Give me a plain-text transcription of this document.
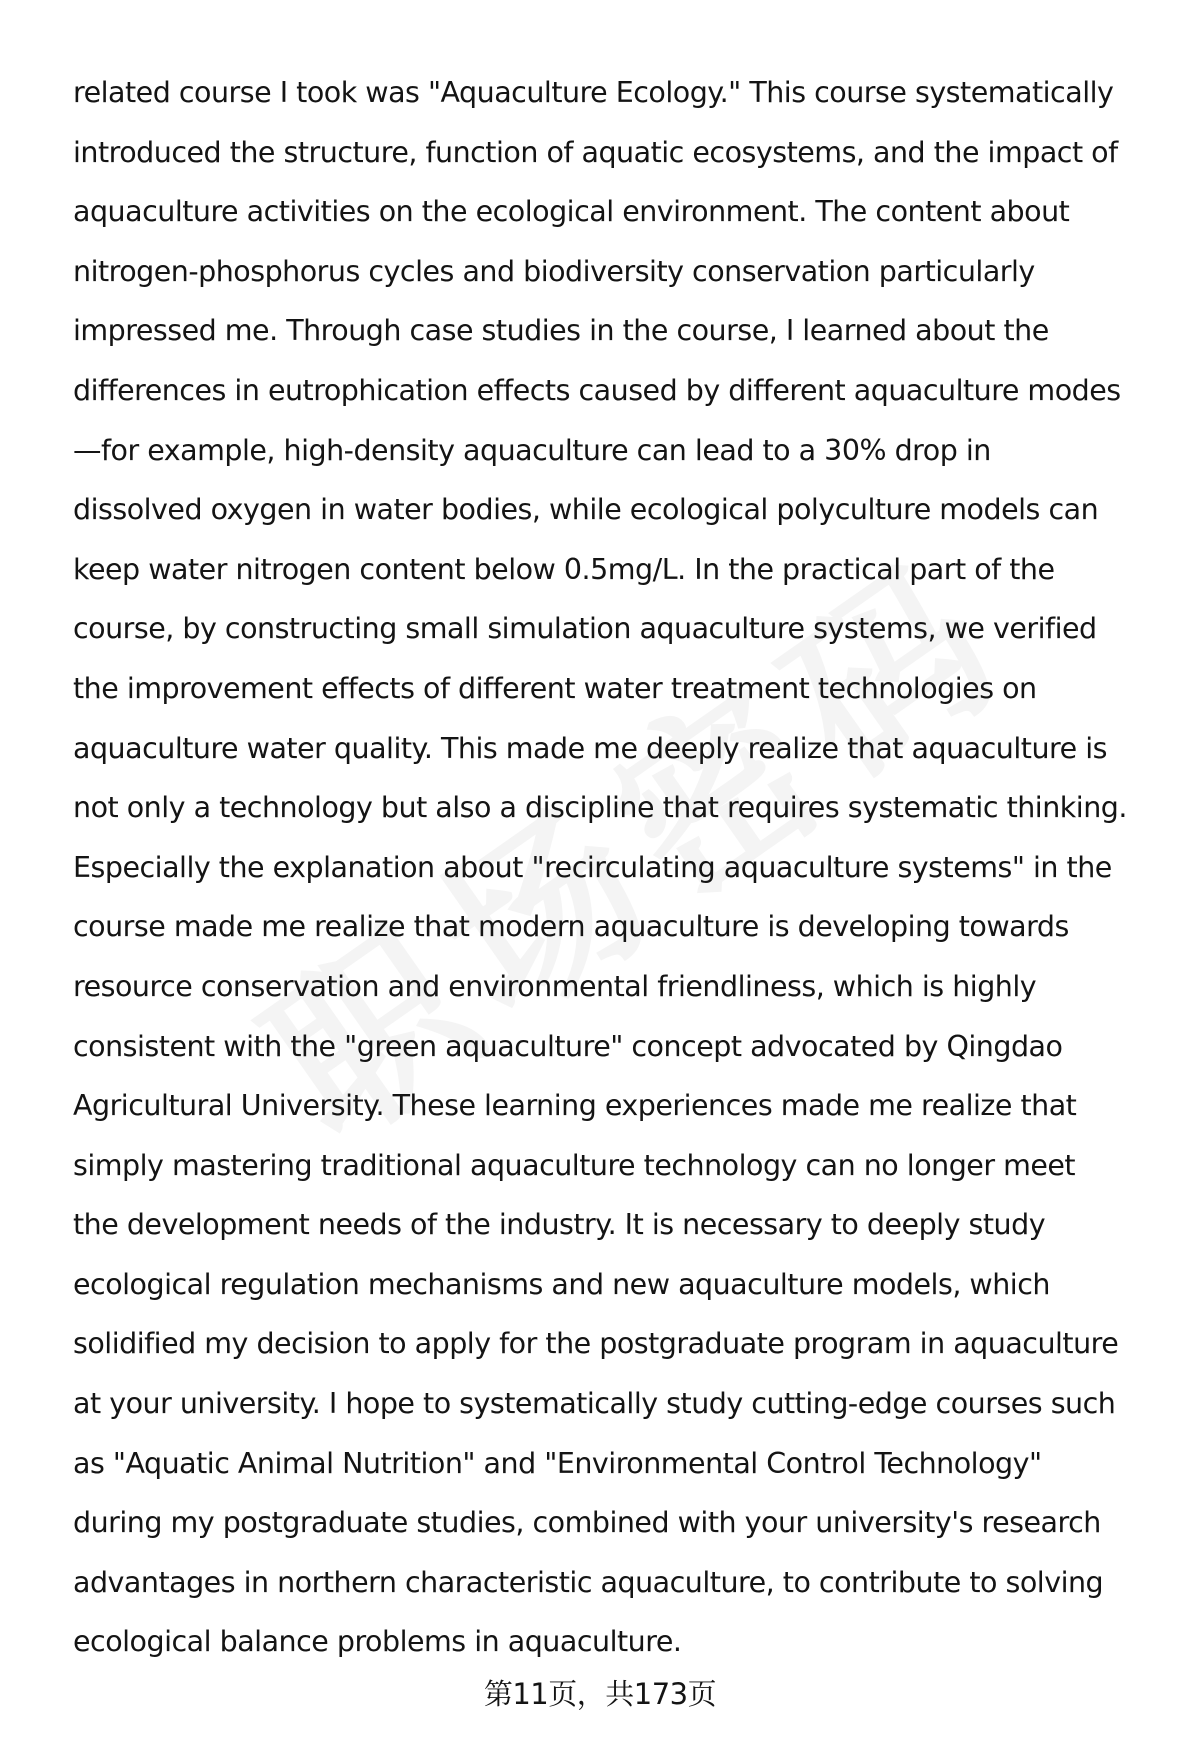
related course I took was "Aquaculture Ecology." This course systematically
introduced the structure, function of aquatic ecosystems, and the impact of
aquaculture activities on the ecological environment. The content about
nitrogen-phosphorus cycles and biodiversity conservation particularly
impressed me. Through case studies in the course, I learned about the
differences in eutrophication effects caused by different aquaculture modes
—for example, high-density aquaculture can lead to a 30% drop in
dissolved oxygen in water bodies, while ecological polyculture models can
keep water nitrogen content below 0.5mg/L. In the practical part of the
course, by constructing small simulation aquaculture systems, we verified
the improvement effects of different water treatment technologies on
aquaculture water quality. This made me deeply realize that aquaculture is
not only a technology but also a discipline that requires systematic thinking.
Especially the explanation about "recirculating aquaculture systems" in the
course made me realize that modern aquaculture is developing towards
resource conservation and environmental friendliness, which is highly
consistent with the "green aquaculture" concept advocated by Qingdao
Agricultural University. These learning experiences made me realize that
simply mastering traditional aquaculture technology can no longer meet
the development needs of the industry. It is necessary to deeply study
ecological regulation mechanisms and new aquaculture models, which
solidified my decision to apply for the postgraduate program in aquaculture
at your university. I hope to systematically study cutting-edge courses such
as "Aquatic Animal Nutrition" and "Environmental Control Technology"
during my postgraduate studies, combined with your university's research
advantages in northern characteristic aquaculture, to contribute to solving
ecological balance problems in aquaculture.
第11页，共173页
